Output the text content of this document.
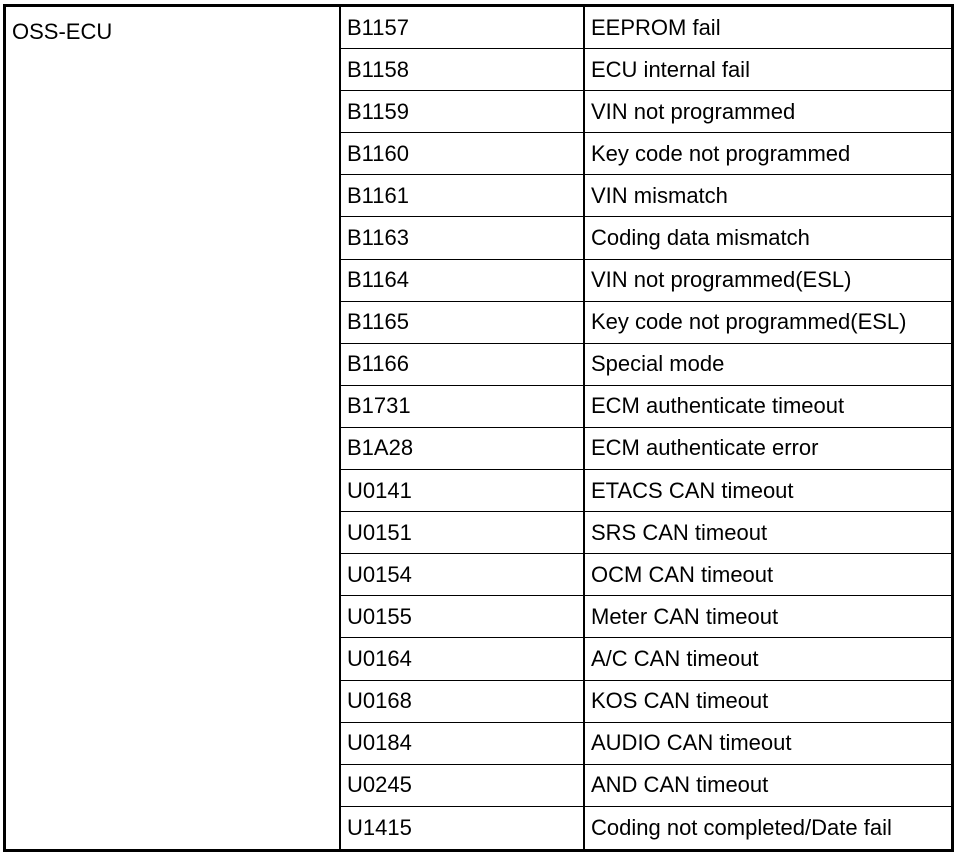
OSS-ECU	B1157	EEPROM fail
B1158	ECU internal fail
B1159	VIN not programmed
B1160	Key code not programmed
B1161	VIN mismatch
B1163	Coding data mismatch
B1164	VIN not programmed(ESL)
B1165	Key code not programmed(ESL)
B1166	Special mode
B1731	ECM authenticate timeout
B1A28	ECM authenticate error
U0141	ETACS CAN timeout
U0151	SRS CAN timeout
U0154	OCM CAN timeout
U0155	Meter CAN timeout
U0164	A/C CAN timeout
U0168	KOS CAN timeout
U0184	AUDIO CAN timeout
U0245	AND CAN timeout
U1415	Coding not completed/Date fail
